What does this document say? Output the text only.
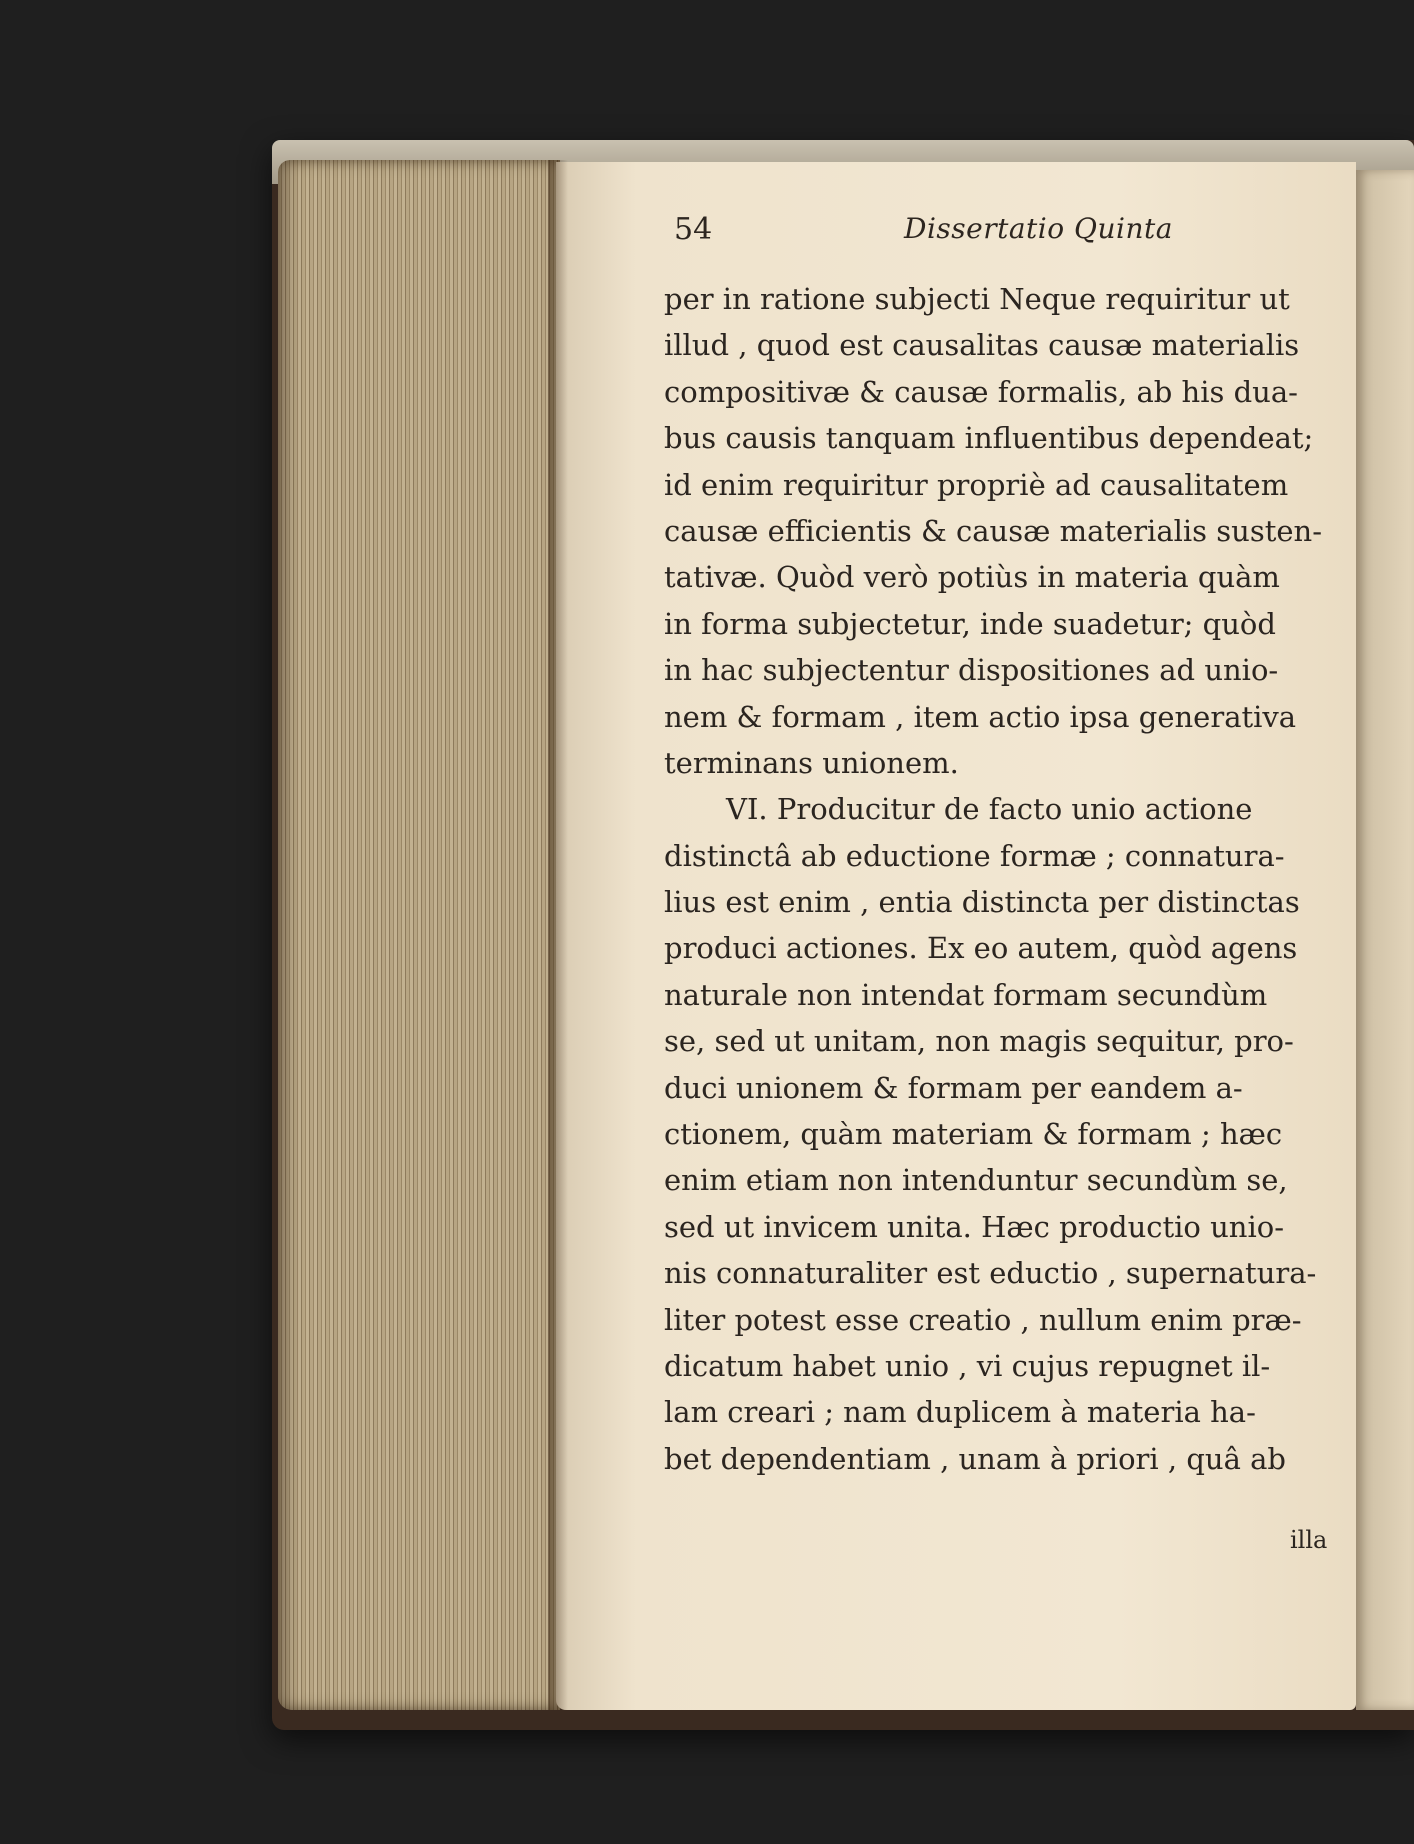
54	Dissertatio Quinta
per in ratione subjecti Neque requiritur ut
illud , quod est causalitas causæ materialis
compositivæ & causæ formalis, ab his dua-
bus causis tanquam influentibus dependeat;
id enim requiritur propriè ad causalitatem
causæ efficientis & causæ materialis susten-
tativæ. Quòd verò potiùs in materia quàm
in forma subjectetur, inde suadetur; quòd
in hac subjectentur dispositiones ad unio-
nem & formam , item actio ipsa generativa
terminans unionem.
VI. Producitur de facto unio actione
distinctâ ab eductione formæ ; connatura-
lius est enim , entia distincta per distinctas
produci actiones. Ex eo autem, quòd agens
naturale non intendat formam secundùm
se, sed ut unitam, non magis sequitur, pro-
duci unionem & formam per eandem a-
ctionem, quàm materiam & formam ; hæc
enim etiam non intenduntur secundùm se,
sed ut invicem unita. Hæc productio unio-
nis connaturaliter est eductio , supernatura-
liter potest esse creatio , nullum enim præ-
dicatum habet unio , vi cujus repugnet il-
lam creari ; nam duplicem à materia ha-
bet dependentiam , unam à priori , quâ ab
illa
